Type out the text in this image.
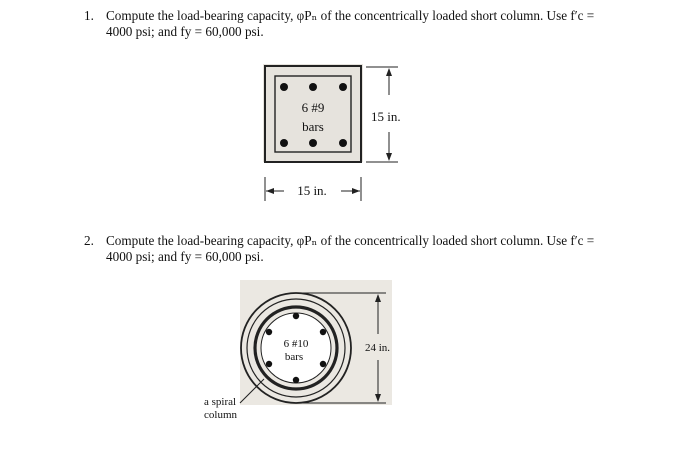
1. Compute the load-bearing capacity, φPₙ of the concentrically loaded short column. Use f′c =
4000 psi; and fy = 60,000 psi.
6 #9
bars
15 in.
15 in.
2. Compute the load-bearing capacity, φPₙ of the concentrically loaded short column. Use f′c =
4000 psi; and fy = 60,000 psi.
6 #10
bars
24 in.
a spiral
column
